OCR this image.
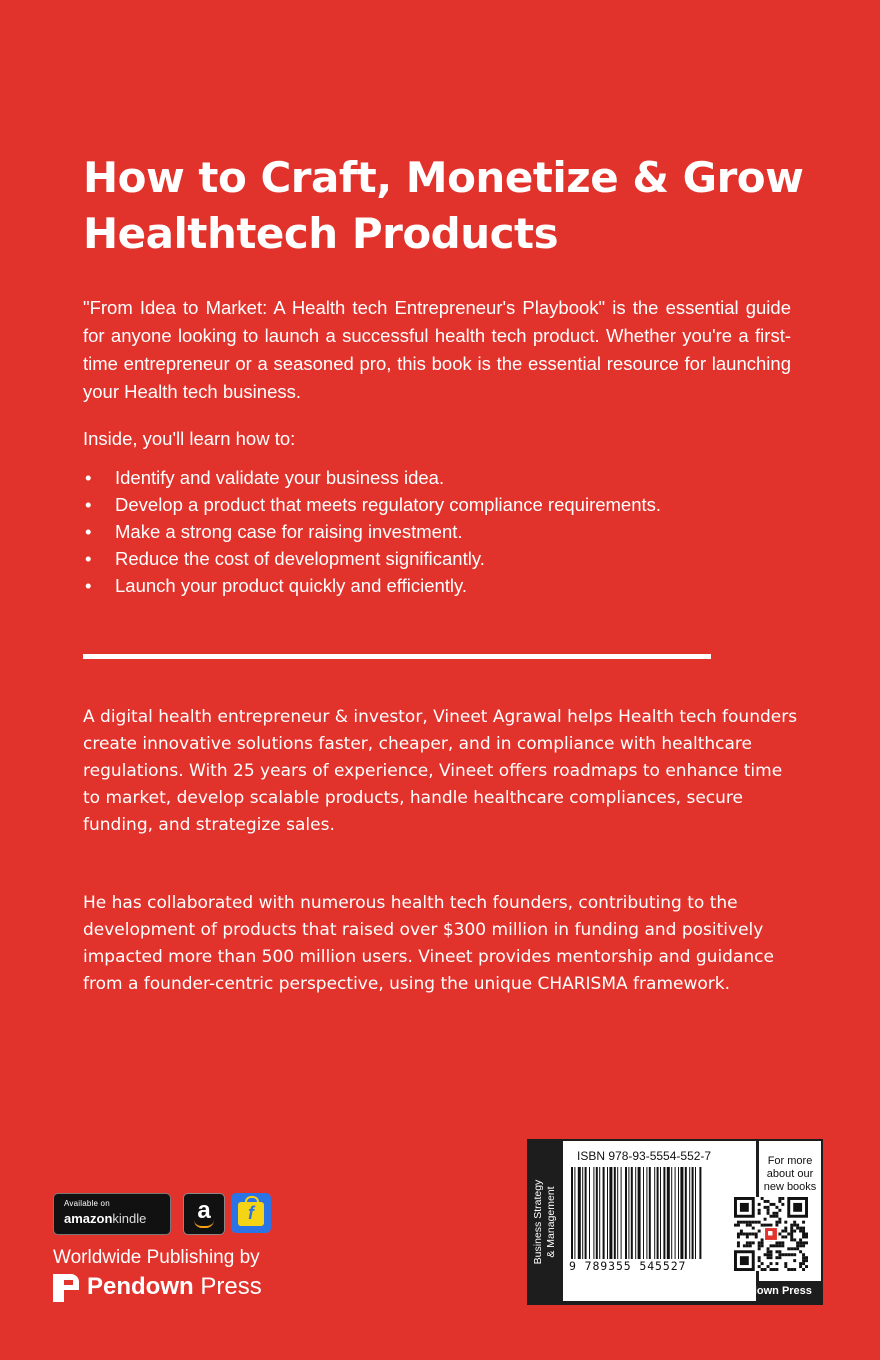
How to Craft, Monetize & Grow
Healthtech Products

"From Idea to Market: A Health tech Entrepreneur's Playbook" is the essential guide for anyone looking to launch a successful health tech product. Whether you're a first-time entrepreneur or a seasoned pro, this book is the essential resource for launching your Health tech business.

Inside, you'll learn how to:

• Identify and validate your business idea.
• Develop a product that meets regulatory compliance requirements.
• Make a strong case for raising investment.
• Reduce the cost of development significantly.
• Launch your product quickly and efficiently.

A digital health entrepreneur & investor, Vineet Agrawal helps Health tech founders create innovative solutions faster, cheaper, and in compliance with healthcare regulations. With 25 years of experience, Vineet offers roadmaps to enhance time to market, develop scalable products, handle healthcare compliances, secure funding, and strategize sales.

He has collaborated with numerous health tech founders, contributing to the development of products that raised over $300 million in funding and positively impacted more than 500 million users. Vineet provides mentorship and guidance from a founder-centric perspective, using the unique CHARISMA framework.

Available on
amazonkindle	a	f
Worldwide Publishing by
Pendown Press
Business Strategy & Management
ISBN 978-93-5554-552-7
9 789355 545527
For more
about our
new books
Pendown Press
